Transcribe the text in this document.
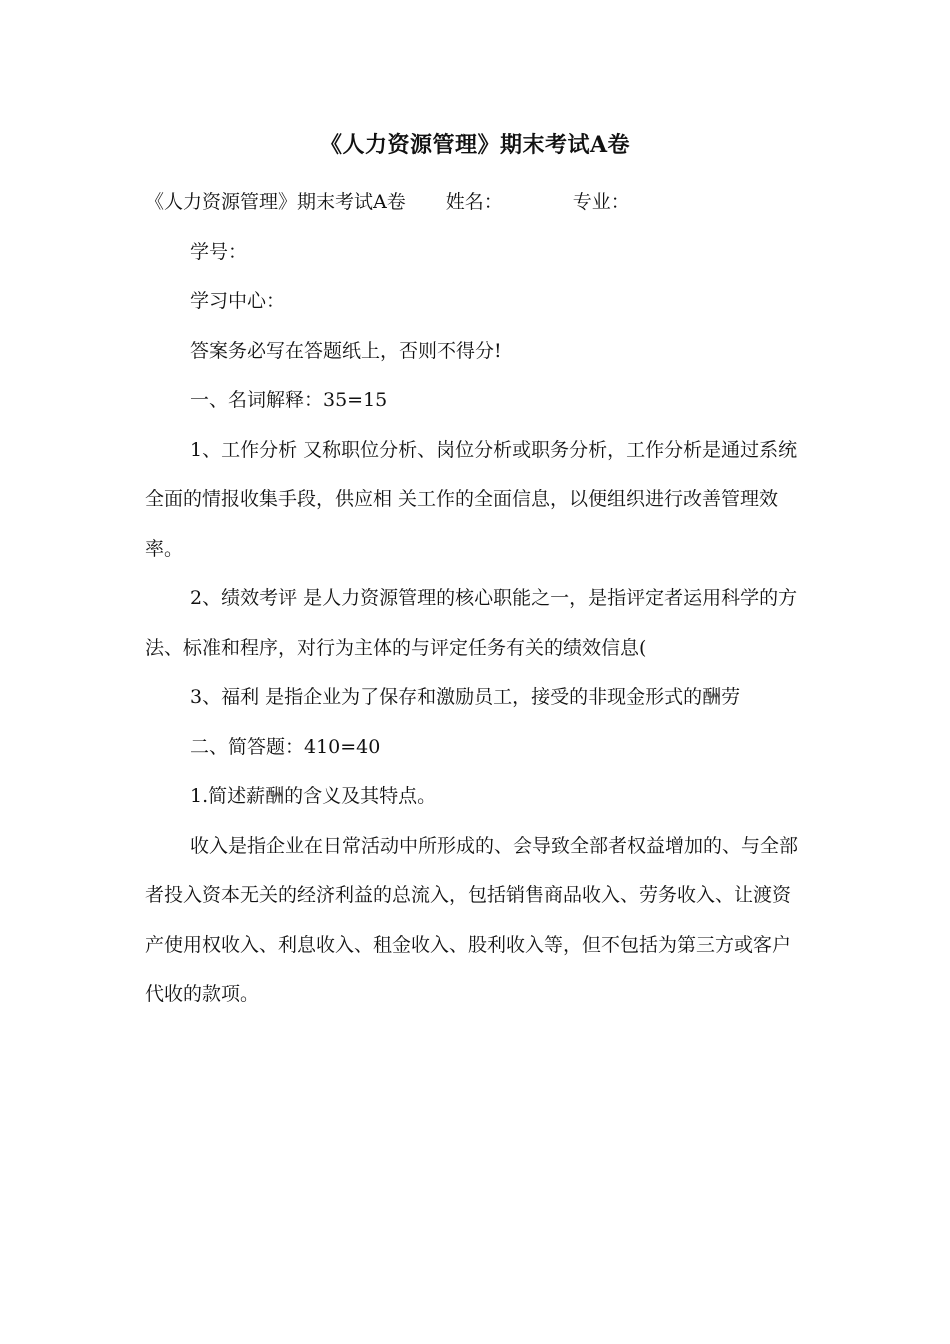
《人力资源管理》期末考试A卷

《人力资源管理》期末考试A卷 姓名：	专业：

学号：

学习中心：

答案务必写在答题纸上，否则不得分!

一、名词解释：35=15

1、工作分析 又称职位分析、岗位分析或职务分析，工作分析是通过系统全面的情报收集手段，供应相 关工作的全面信息，以便组织进行改善管理效率。

2、绩效考评 是人力资源管理的核心职能之一，是指评定者运用科学的方法、标准和程序，对行为主体的与评定任务有关的绩效信息(

3、福利 是指企业为了保存和激励员工，接受的非现金形式的酬劳

二、简答题：410=40

1.简述薪酬的含义及其特点。

收入是指企业在日常活动中所形成的、会导致全部者权益增加的、与全部者投入资本无关的经济利益的总流入，包括销售商品收入、劳务收入、让渡资产使用权收入、利息收入、租金收入、股利收入等，但不包括为第三方或客户代收的款项。
